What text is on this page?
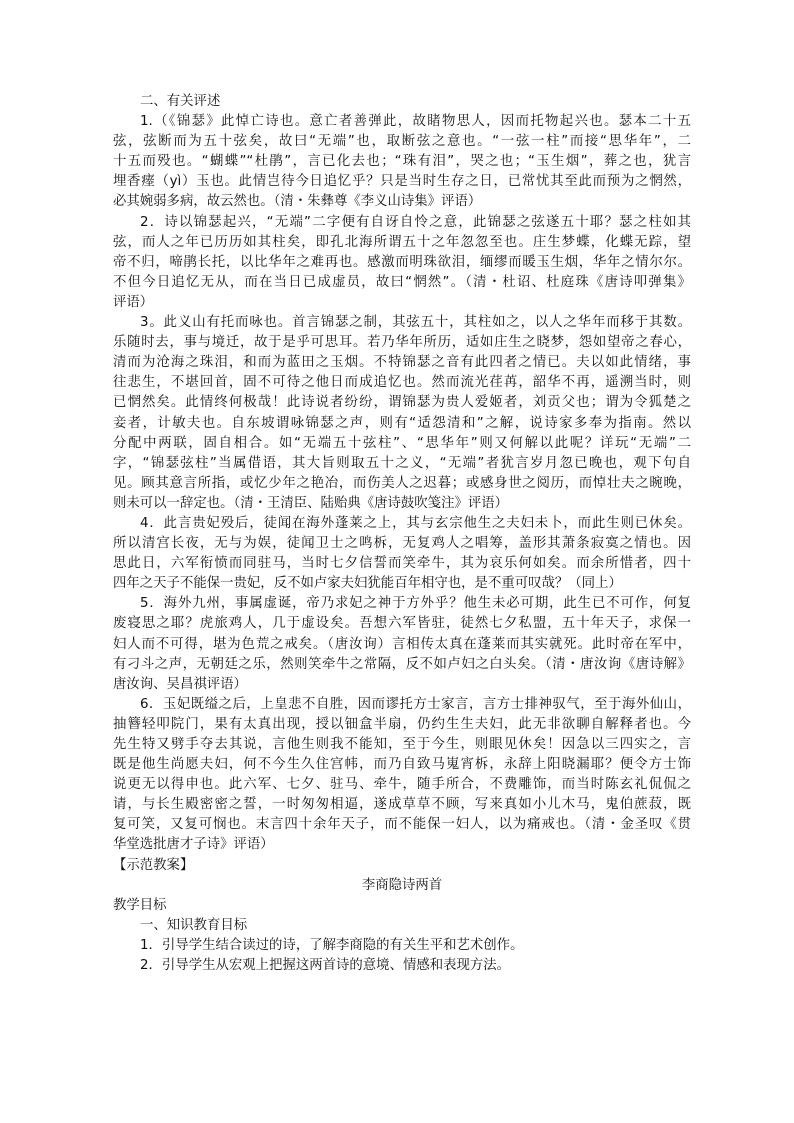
二、有关评述
1.（《锦瑟》此悼亡诗也。意亡者善弹此，故睹物思人，因而托物起兴也。瑟本二十五
弦，弦断而为五十弦矣，故曰“无端”也，取断弦之意也。“一弦一柱”而接“思华年”，二
十五而殁也。“蝴蝶”“杜鹃”，言已化去也；“珠有泪”，哭之也；“玉生烟”，葬之也，犹言
埋香瘗（yì）玉也。此情岂待今日追忆乎？只是当时生存之日，已常忧其至此而预为之惘然，
必其婉弱多病，故云然也。（清・朱彝尊《李义山诗集》评语）
2．诗以锦瑟起兴，“无端”二字便有自讶自怜之意，此锦瑟之弦遂五十耶？瑟之柱如其
弦，而人之年已历历如其柱矣，即孔北海所谓五十之年忽忽至也。庄生梦蝶，化蝶无踪，望
帝不归，啼鹃长托，以比华年之难再也。感激而明珠欲泪，缅缪而暖玉生烟，华年之情尔尔。
不但今日追忆无从，而在当日已成虚员，故曰“惘然”。（清・杜诏、杜庭珠《唐诗叩弹集》
评语）
3。此义山有托而咏也。首言锦瑟之制，其弦五十，其柱如之，以人之华年而移于其数。
乐随时去，事与境迁，故于是乎可思耳。若乃华年所历，适如庄生之晓梦，怨如望帝之春心，
清而为沧海之珠泪，和而为蓝田之玉烟。不特锦瑟之音有此四者之情已。夫以如此情绪，事
往悲生，不堪回首，固不可待之他日而成追忆也。然而流光荏苒，韶华不再，遥溯当时，则
已惘然矣。此情终何极哉！此诗说者纷纷，谓锦瑟为贵人爱姬者，刘贡父也；谓为令狐楚之
妾者，计敏夫也。自东坡谓咏锦瑟之声，则有“适怨清和”之解，说诗家多奉为指南。然以
分配中两联，固自相合。如“无端五十弦柱”、“思华年”则又何解以此呢？详玩“无端”二
字，“锦瑟弦柱”当属借语，其大旨则取五十之义，“无端”者犹言岁月忽已晚也，观下句自
见。顾其意言所指，或忆少年之艳冶，而伤美人之迟暮；或感身世之阅历，而悼壮夫之晼晚，
则未可以一辞定也。（清・王清臣、陆贻典《唐诗鼓吹笺注》评语）
4．此言贵妃殁后，徒闻在海外蓬莱之上，其与玄宗他生之夫妇未卜，而此生则已休矣。
所以清宫长夜，无与为娱，徒闻卫士之鸣柝，无复鸡人之唱筹，盖形其萧条寂寞之情也。因
思此日，六军衔愤而同驻马，当时七夕信誓而笑牵牛，其为哀乐何如矣。而余所惜者，四十
四年之天子不能保一贵妃，反不如卢家夫妇犹能百年相守也，是不重可叹哉？（同上）
5．海外九州，事属虚诞，帝乃求妃之神于方外乎？他生未必可期，此生已不可作，何复
废寝思之耶？虎旅鸡人，几于虚设矣。吾想六军皆驻，徒然七夕私盟，五十年天子，求保一
妇人而不可得，堪为色荒之戒矣。（唐汝询）言相传太真在蓬莱而其实就死。此时帝在军中，
有刁斗之声，无朝廷之乐，然则笑牵牛之常隔，反不如卢妇之白头矣。（清・唐汝询《唐诗解》
唐汝询、吴昌祺评语）
6．玉妃既缢之后，上皇悲不自胜，因而谬托方士家言，言方士排神驭气，至于海外仙山，
抽簪轻叩院门，果有太真出现，授以钿盒半扇，仍约生生夫妇，此无非欲聊自解释者也。今
先生特又劈手夺去其说，言他生则我不能知，至于今生，则眼见休矣！因急以三四实之，言
既是他生尚愿夫妇，何不今生久住宫帏，而乃自致马嵬宵柝，永辞上阳晓漏耶？便令方士饰
说更无以得申也。此六军、七夕、驻马、牵牛，随手所合，不费雕饰，而当时陈玄礼侃侃之
请，与长生殿密密之誓，一时匆匆相逼，遂成草草不顾，写来真如小儿木马，鬼伯蔗菽，既
复可笑，又复可悯也。末言四十余年天子，而不能保一妇人，以为痛戒也。（清・金圣叹《贯
华堂选批唐才子诗》评语）
【示范教案】
李商隐诗两首
教学目标
一、知识教育目标
1．引导学生结合读过的诗，了解李商隐的有关生平和艺术创作。
2．引导学生从宏观上把握这两首诗的意境、情感和表现方法。
